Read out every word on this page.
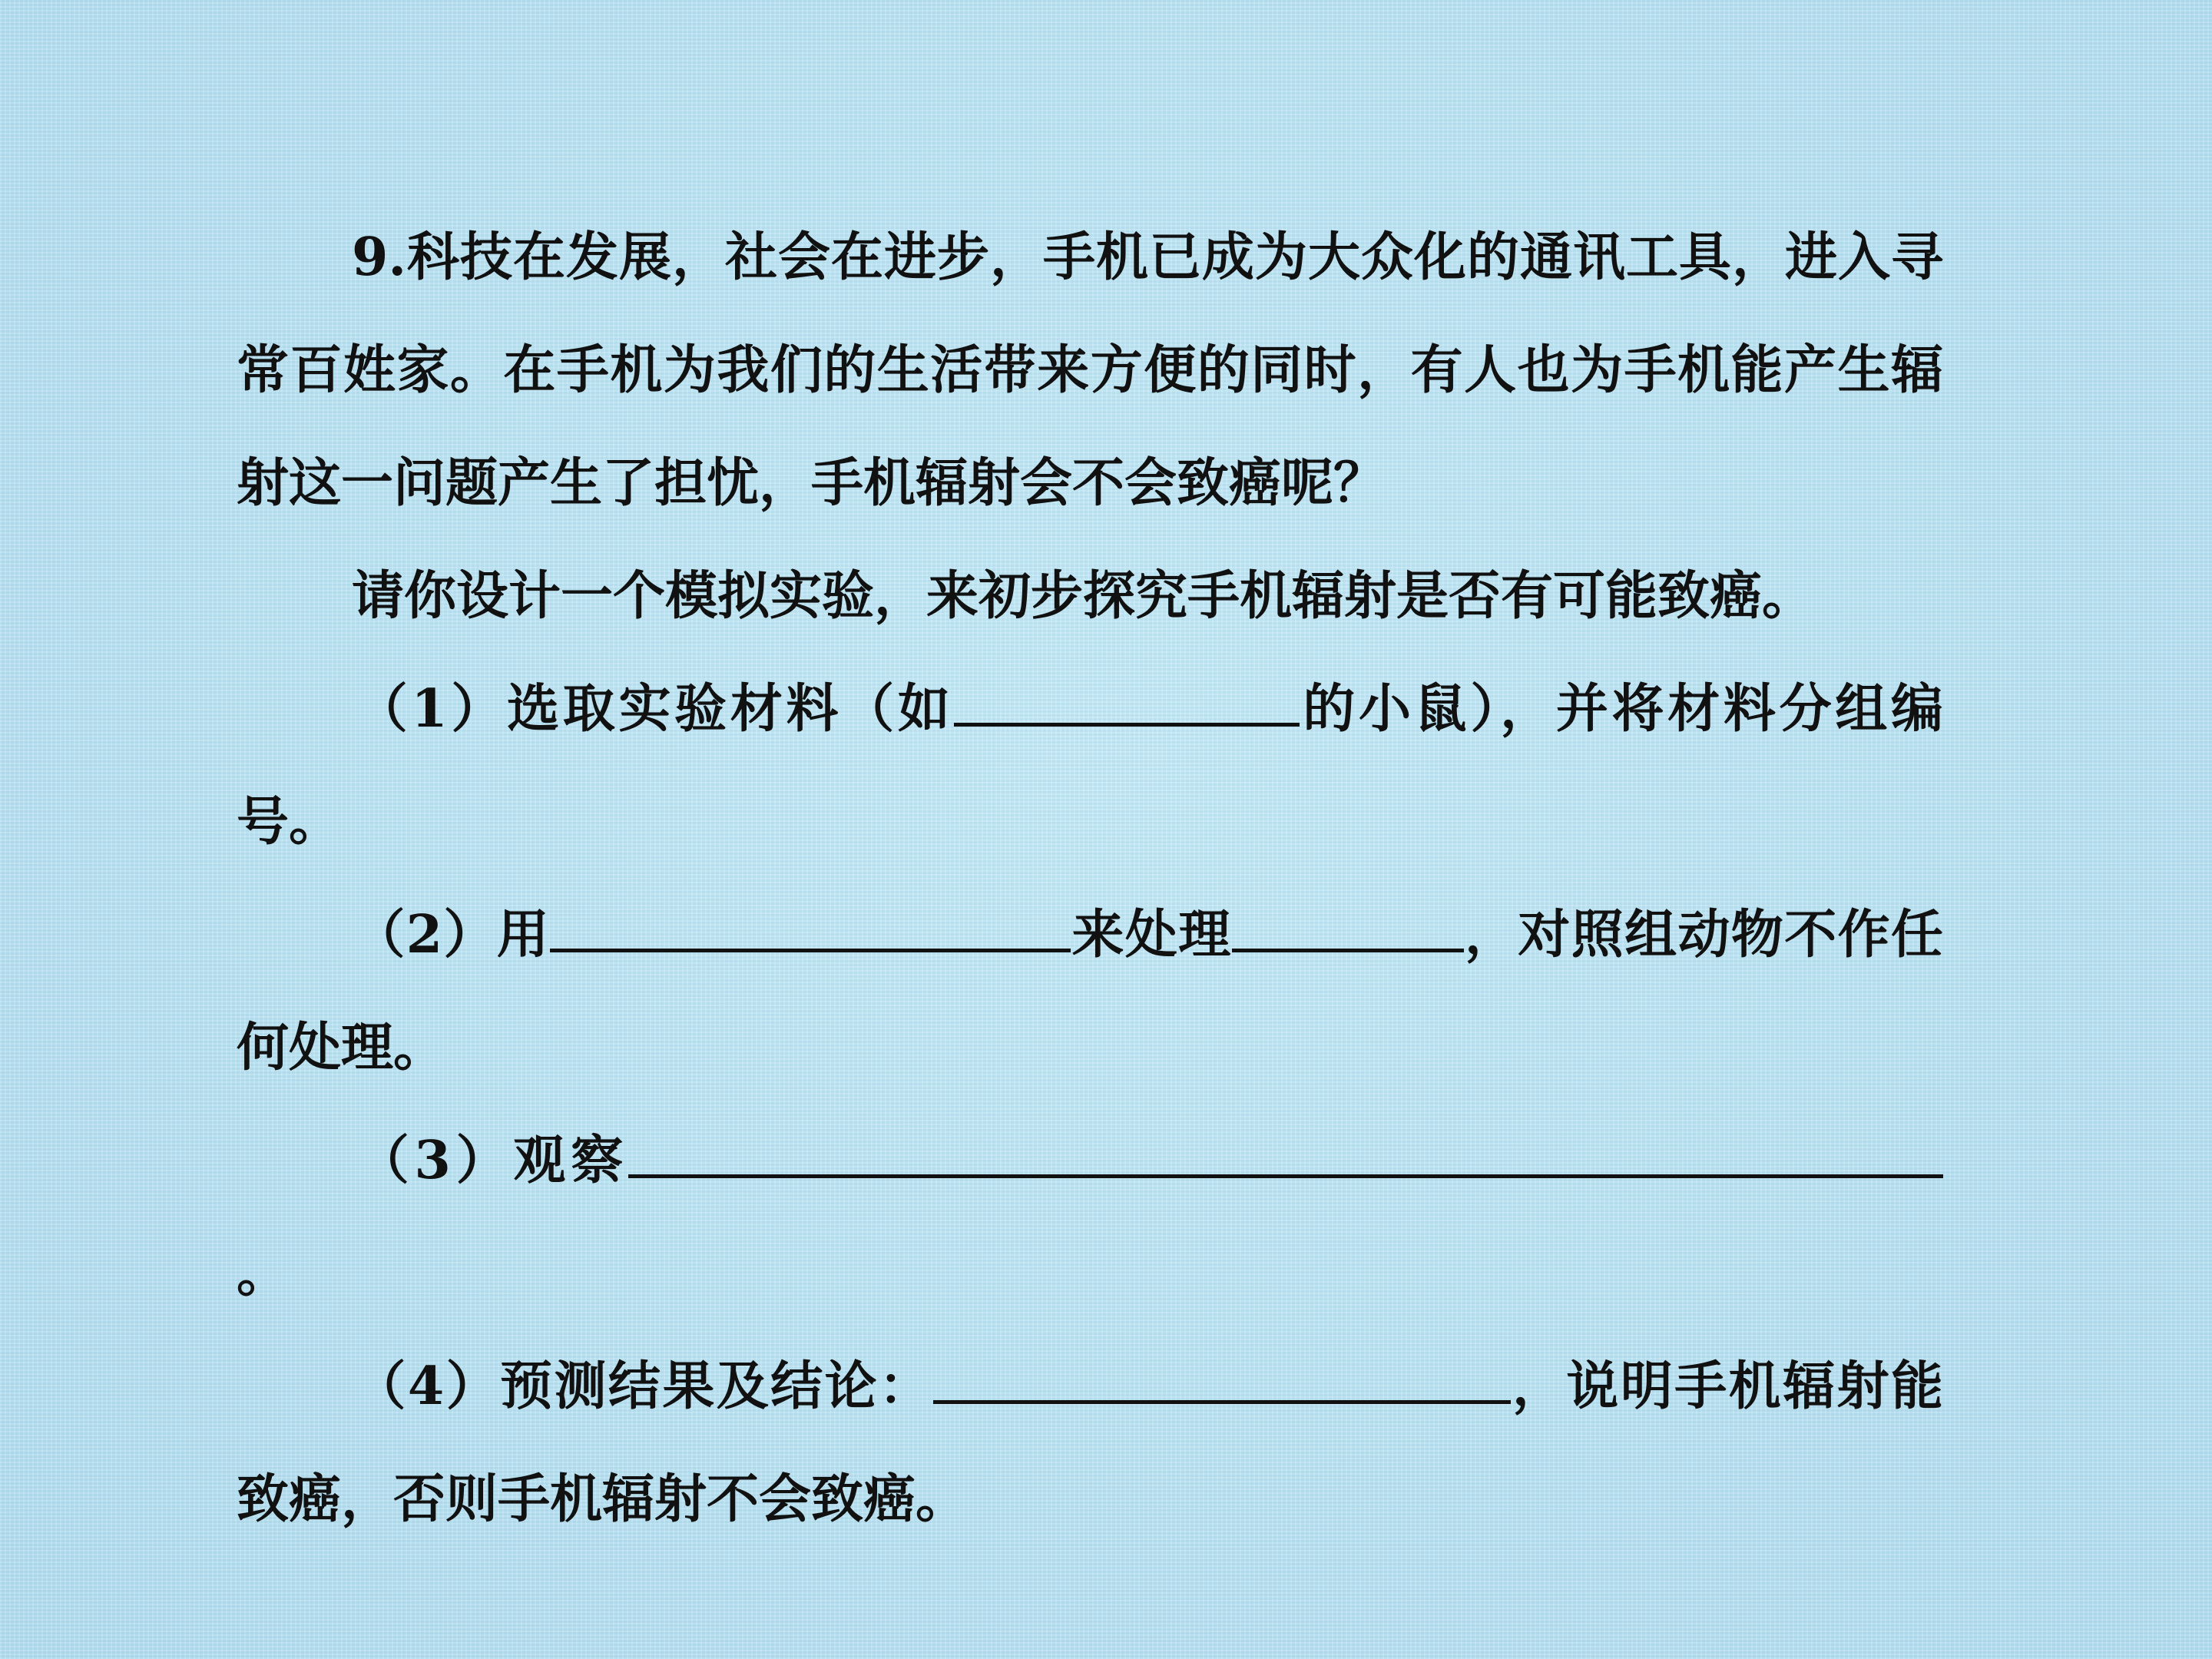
9.科技在发展，社会在进步，手机已成为大众化的通讯工具，进入寻常百姓家。在手机为我们的生活带来方便的同时，有人也为手机能产生辐射这一问题产生了担忧，手机辐射会不会致癌呢？

请你设计一个模拟实验，来初步探究手机辐射是否有可能致癌。

（1）选取实验材料（如	的小鼠），并将材料分组编号。

（2）用	来处理	，对照组动物不作任何处理。

（3）观察。

（4）预测结果及结论：	，说明手机辐射能致癌，否则手机辐射不会致癌。
